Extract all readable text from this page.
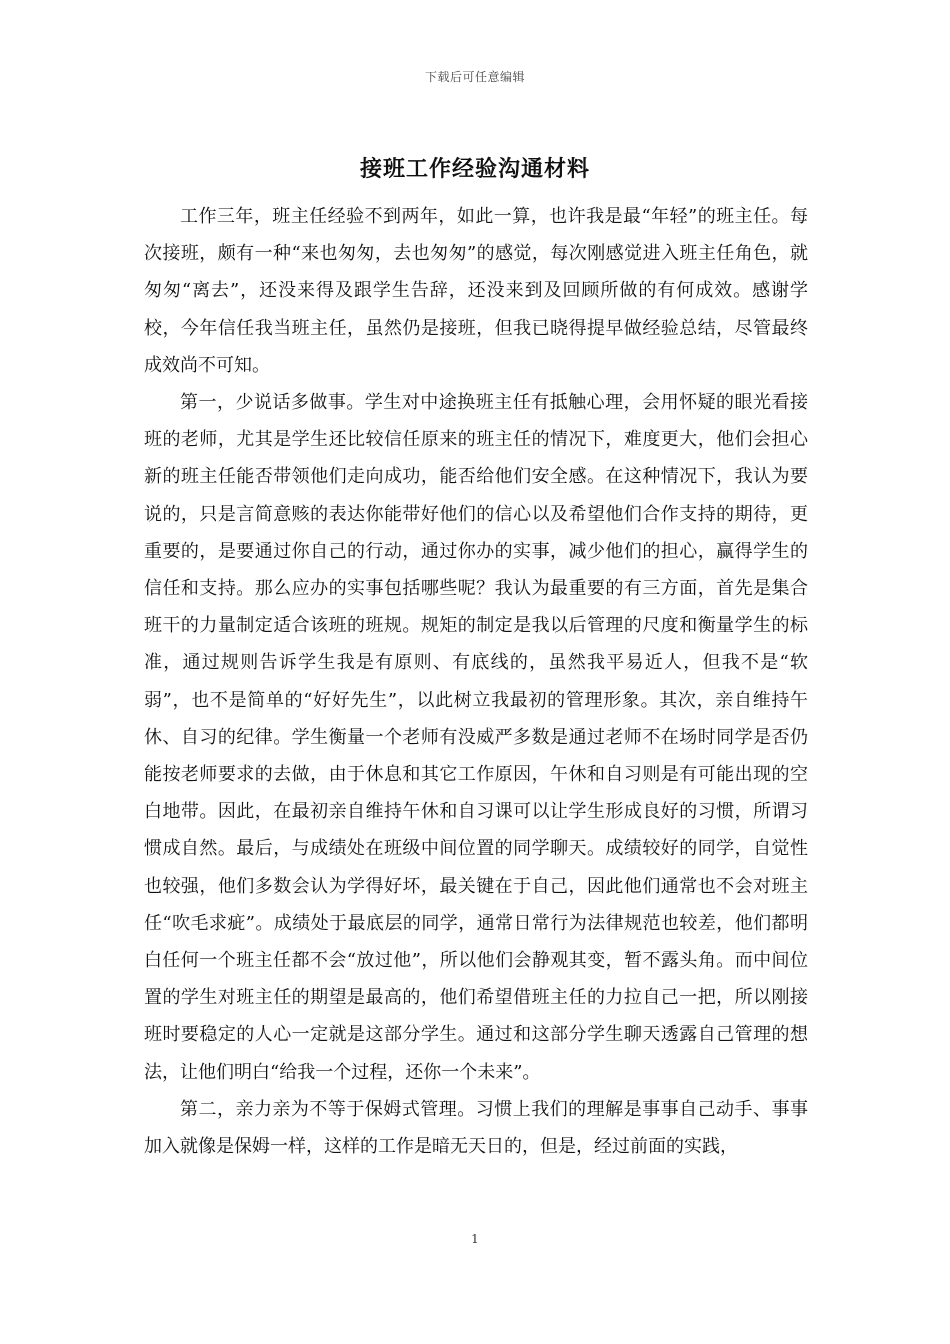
下载后可任意编辑
接班工作经验沟通材料

工作三年，班主任经验不到两年，如此一算，也许我是最“年轻”的班主任。每次接班，颇有一种“来也匆匆，去也匆匆”的感觉，每次刚感觉进入班主任角色，就匆匆“离去”，还没来得及跟学生告辞，还没来到及回顾所做的有何成效。感谢学校，今年信任我当班主任，虽然仍是接班，但我已晓得提早做经验总结，尽管最终成效尚不可知。

第一，少说话多做事。学生对中途换班主任有抵触心理，会用怀疑的眼光看接班的老师，尤其是学生还比较信任原来的班主任的情况下，难度更大，他们会担心新的班主任能否带领他们走向成功，能否给他们安全感。在这种情况下，我认为要说的，只是言简意赅的表达你能带好他们的信心以及希望他们合作支持的期待，更重要的，是要通过你自己的行动，通过你办的实事，减少他们的担心，赢得学生的信任和支持。那么应办的实事包括哪些呢？我认为最重要的有三方面，首先是集合班干的力量制定适合该班的班规。规矩的制定是我以后管理的尺度和衡量学生的标准，通过规则告诉学生我是有原则、有底线的，虽然我平易近人，但我不是“软弱”，也不是简单的“好好先生”，以此树立我最初的管理形象。其次，亲自维持午休、自习的纪律。学生衡量一个老师有没威严多数是通过老师不在场时同学是否仍能按老师要求的去做，由于休息和其它工作原因，午休和自习则是有可能出现的空白地带。因此，在最初亲自维持午休和自习课可以让学生形成良好的习惯，所谓习惯成自然。最后，与成绩处在班级中间位置的同学聊天。成绩较好的同学，自觉性也较强，他们多数会认为学得好坏，最关键在于自己，因此他们通常也不会对班主任“吹毛求疵”。成绩处于最底层的同学，通常日常行为法律规范也较差，他们都明白任何一个班主任都不会“放过他”，所以他们会静观其变，暂不露头角。而中间位置的学生对班主任的期望是最高的，他们希望借班主任的力拉自己一把，所以刚接班时要稳定的人心一定就是这部分学生。通过和这部分学生聊天透露自己管理的想法，让他们明白“给我一个过程，还你一个未来”。

第二，亲力亲为不等于保姆式管理。习惯上我们的理解是事事自己动手、事事加入就像是保姆一样，这样的工作是暗无天日的，但是，经过前面的实践，

1
